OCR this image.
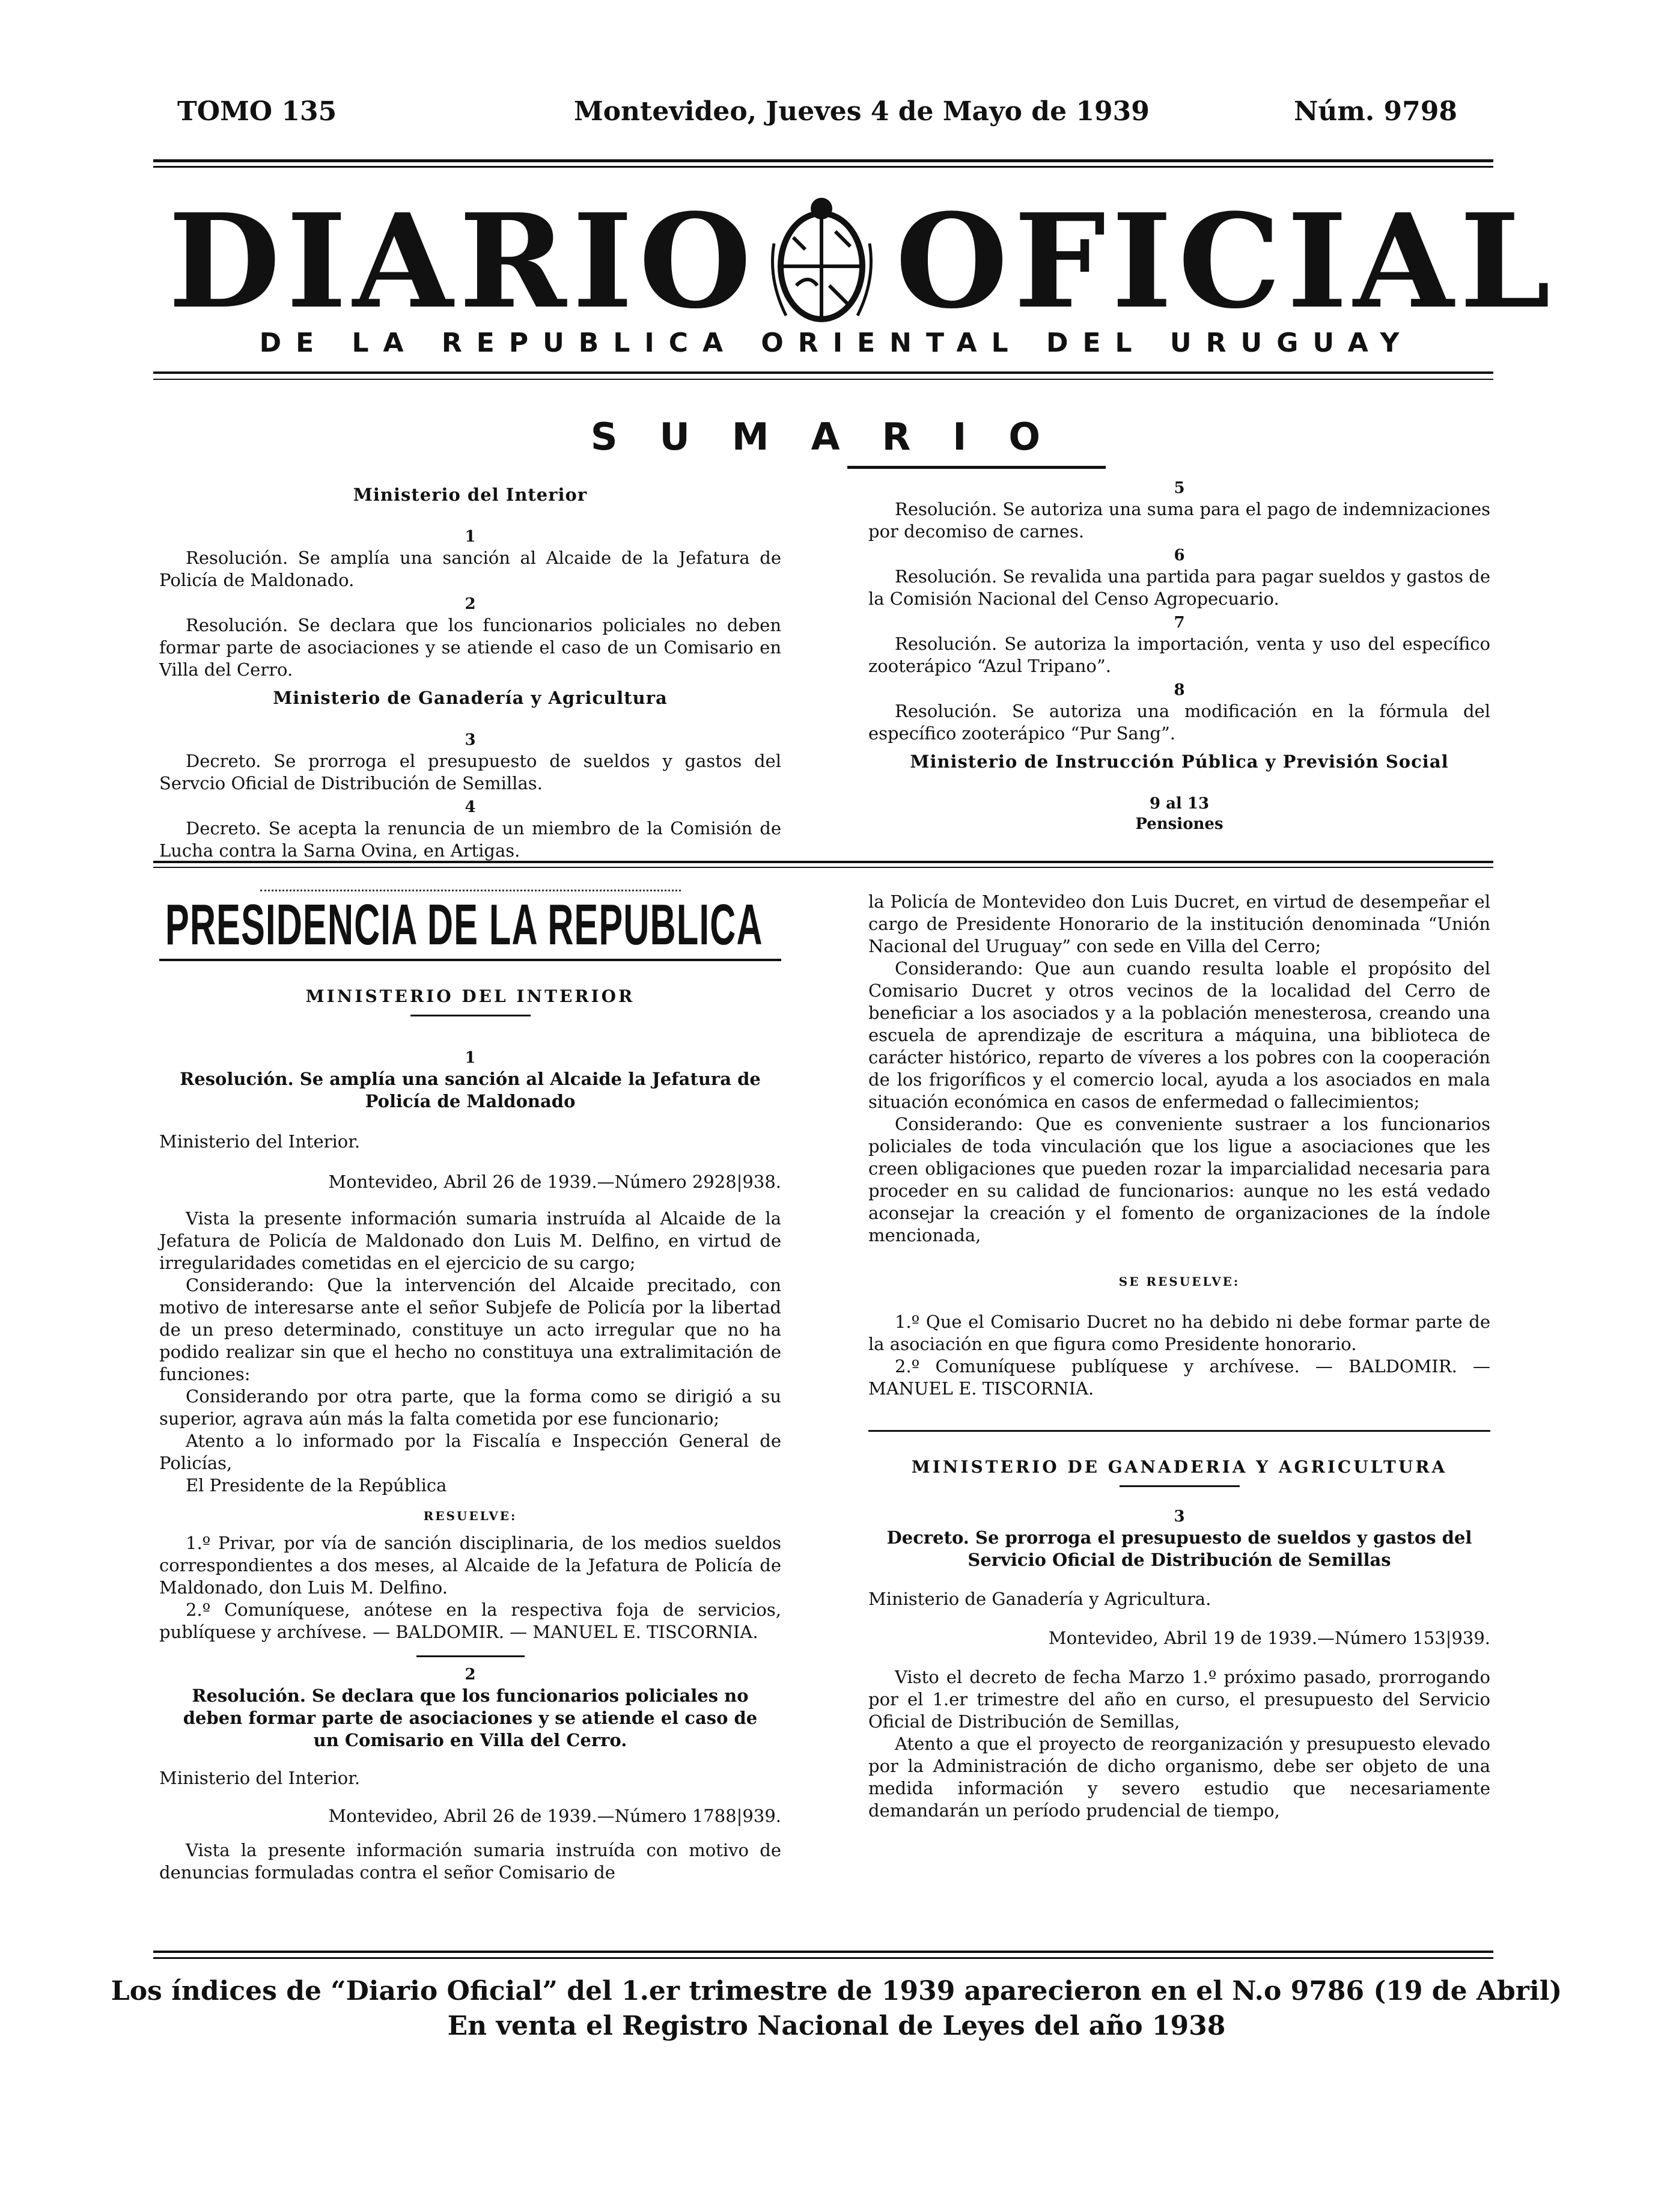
TOMO 135	Montevideo, Jueves 4 de Mayo de 1939	Núm. 9798
DIARIO OFICIAL
DE LA REPUBLICA ORIENTAL DEL URUGUAY
SUMARIO
Ministerio del Interior
1

Resolución. Se amplía una sanción al Alcaide de la Jefatura de Policía de Maldonado.

2

Resolución. Se declara que los funcionarios policiales no deben formar parte de asociaciones y se atiende el caso de un Comisario en Villa del Cerro.

Ministerio de Ganadería y Agricultura
3

Decreto. Se prorroga el presupuesto de sueldos y gastos del Servcio Oficial de Distribución de Semillas.

4

Decreto. Se acepta la renuncia de un miembro de la Comisión de Lucha contra la Sarna Ovina, en Artigas.

5

Resolución. Se autoriza una suma para el pago de indemnizaciones por decomiso de carnes.

6

Resolución. Se revalida una partida para pagar sueldos y gastos de la Comisión Nacional del Censo Agropecuario.

7

Resolución. Se autoriza la importación, venta y uso del específico zooterápico “Azul Tripano”.

8

Resolución. Se autoriza una modificación en la fórmula del específico zooterápico “Pur Sang”.

Ministerio de Instrucción Pública y Previsión Social
9 al 13
Pensiones
PRESIDENCIA DE LA REPUBLICA
MINISTERIO DEL INTERIOR
1

Resolución. Se amplía una sanción al Alcaide la Jefatura de Policía de Maldonado

Ministerio del Interior.

Montevideo, Abril 26 de 1939.—Número 2928|938.

Vista la presente información sumaria instruída al Alcaide de la Jefatura de Policía de Maldonado don Luis M. Delfino, en virtud de irregularidades cometidas en el ejercicio de su cargo;

Considerando: Que la intervención del Alcaide precitado, con motivo de interesarse ante el señor Subjefe de Policía por la libertad de un preso determinado, constituye un acto irregular que no ha podido realizar sin que el hecho no constituya una extralimitación de funciones:

Considerando por otra parte, que la forma como se dirigió a su superior, agrava aún más la falta cometida por ese funcionario;

Atento a lo informado por la Fiscalía e Inspección General de Policías,

El Presidente de la República

RESUELVE:

1.º Privar, por vía de sanción disciplinaria, de los medios sueldos correspondientes a dos meses, al Alcaide de la Jefatura de Policía de Maldonado, don Luis M. Delfino.

2.º Comuníquese, anótese en la respectiva foja de servicios, publíquese y archívese. — BALDOMIR. — MANUEL E. TISCORNIA.

2

Resolución. Se declara que los funcionarios policiales no deben formar parte de asociaciones y se atiende el caso de un Comisario en Villa del Cerro.

Ministerio del Interior.

Montevideo, Abril 26 de 1939.—Número 1788|939.

Vista la presente información sumaria instruída con motivo de denuncias formuladas contra el señor Comisario de

la Policía de Montevideo don Luis Ducret, en virtud de desempeñar el cargo de Presidente Honorario de la institución denominada “Unión Nacional del Uruguay” con sede en Villa del Cerro;

Considerando: Que aun cuando resulta loable el propósito del Comisario Ducret y otros vecinos de la localidad del Cerro de beneficiar a los asociados y a la población menesterosa, creando una escuela de aprendizaje de escritura a máquina, una biblioteca de carácter histórico, reparto de víveres a los pobres con la cooperación de los frigoríficos y el comercio local, ayuda a los asociados en mala situación económica en casos de enfermedad o fallecimientos;

Considerando: Que es conveniente sustraer a los funcionarios policiales de toda vinculación que los ligue a asociaciones que les creen obligaciones que pueden rozar la imparcialidad necesaria para proceder en su calidad de funcionarios: aunque no les está vedado aconsejar la creación y el fomento de organizaciones de la índole mencionada,

SE RESUELVE:

1.º Que el Comisario Ducret no ha debido ni debe formar parte de la asociación en que figura como Presidente honorario.

2.º Comuníquese publíquese y archívese. — BALDOMIR. — MANUEL E. TISCORNIA.

MINISTERIO DE GANADERIA Y AGRICULTURA
3

Decreto. Se prorroga el presupuesto de sueldos y gastos del Servicio Oficial de Distribución de Semillas

Ministerio de Ganadería y Agricultura.

Montevideo, Abril 19 de 1939.—Número 153|939.

Visto el decreto de fecha Marzo 1.º próximo pasado, prorrogando por el 1.er trimestre del año en curso, el presupuesto del Servicio Oficial de Distribución de Semillas,

Atento a que el proyecto de reorganización y presupuesto elevado por la Administración de dicho organismo, debe ser objeto de una medida información y severo estudio que necesariamente demandarán un período prudencial de tiempo,

Los índices de “Diario Oficial” del 1.er trimestre de 1939 aparecieron en el N.o 9786 (19 de Abril)
En venta el Registro Nacional de Leyes del año 1938
